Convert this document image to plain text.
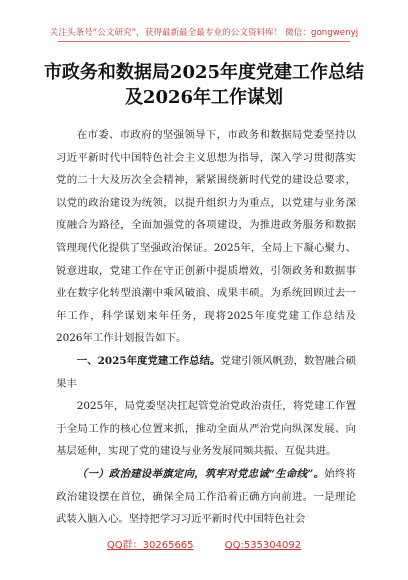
关注头条号“公文研究”，获得最新最全最专业的公文资料库！ 微信：gongwenyj
市政务和数据局2025年度党建工作总结
及2026年工作谋划

在市委、市政府的坚强领导下，市政务和数据局党委坚持以习近平新时代中国特色社会主义思想为指导，深入学习贯彻落实党的二十大及历次全会精神，紧紧围绕新时代党的建设总要求，以党的政治建设为统领，以提升组织力为重点，以党建与业务深度融合为路径，全面加强党的各项建设，为推进政务服务和数据管理现代化提供了坚强政治保证。2025年，全局上下凝心聚力、锐意进取，党建工作在守正创新中提质增效，引领政务和数据事业在数字化转型浪潮中乘风破浪、成果丰硕。为系统回顾过去一年工作，科学谋划来年任务，现将2025年度党建工作总结及2026年工作计划报告如下。

一、2025年度党建工作总结。党建引领风帆劲，数智融合硕果丰

2025年，局党委坚决扛起管党治党政治责任，将党建工作置于全局工作的核心位置来抓，推动全面从严治党向纵深发展、向基层延伸，实现了党的建设与业务发展同频共振、互促共进。

（一）政治建设举旗定向，筑牢对党忠诚“生命线”。始终将政治建设摆在首位，确保全局工作沿着正确方向前进。一是理论武装入脑入心。坚持把学习习近平新时代中国特色社会

QQ群：30265665	QQ:535304092
